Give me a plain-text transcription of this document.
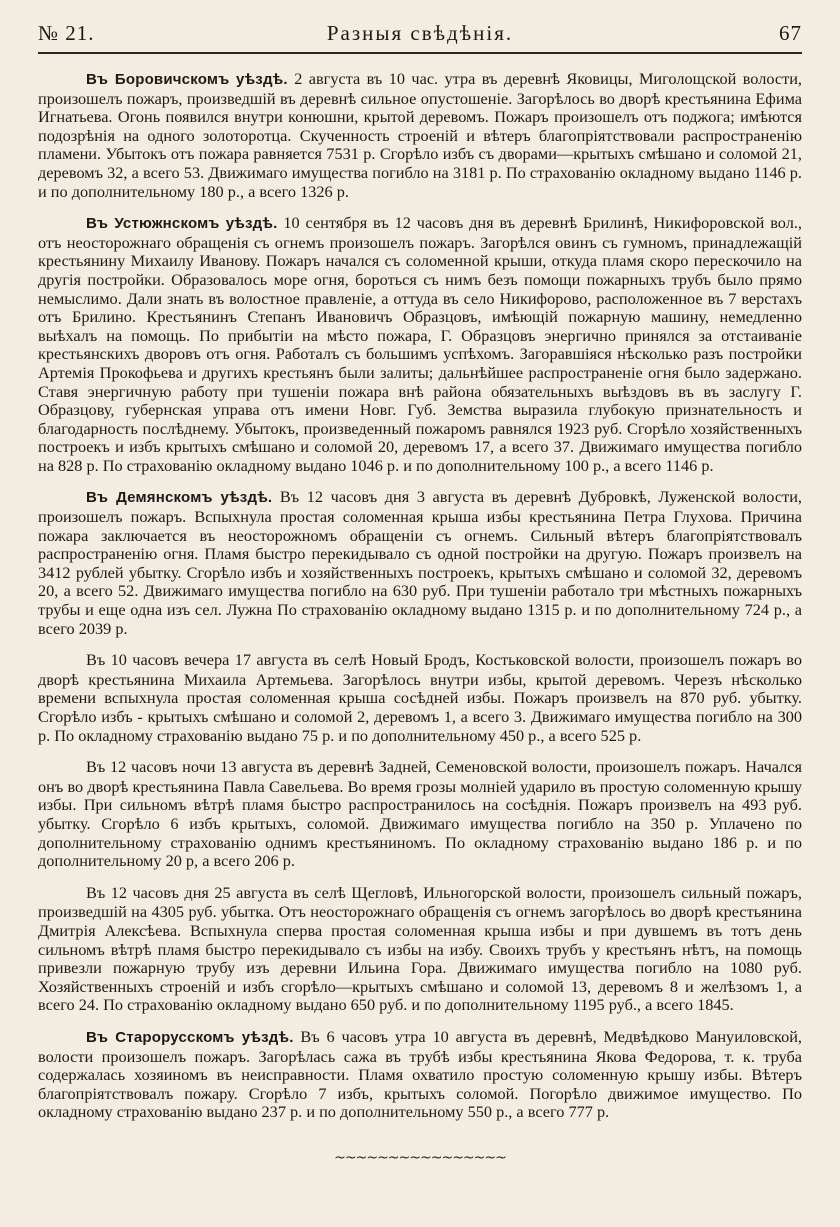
Разныя свѣдѣнія.
№ 21.	67

Въ Боровичскомъ уѣздѣ. 2 августа въ 10 час. утра въ деревнѣ Яковицы, Миголощской волости, произошелъ пожаръ, произведшій въ деревнѣ сильное опустошеніе. Загорѣлось во дворѣ крестьянина Ефима Игнатьева. Огонь появился внутри конюшни, крытой деревомъ. Пожаръ произошелъ отъ поджога; имѣются подозрѣнія на одного золоторотца. Скученность строеній и вѣтеръ благопріятствовали распространенію пламени. Убытокъ отъ пожара равняется 7531 р. Сгорѣло избъ съ дворами—крытыхъ смѣшано и соломой 21, деревомъ 32, а всего 53. Движимаго имущества погибло на 3181 р. По страхованію окладному выдано 1146 р. и по дополнительному 180 р., а всего 1326 р.

Въ Устюжнскомъ уѣздѣ. 10 сентября въ 12 часовъ дня въ деревнѣ Брилинѣ, Никифоровской вол., отъ неосторожнаго обращенія съ огнемъ произошелъ пожаръ. Загорѣлся овинъ съ гумномъ, принадлежащій крестьянину Михаилу Иванову. Пожаръ начался съ соломенной крыши, откуда пламя скоро перескочило на другія постройки. Образовалось море огня, бороться съ нимъ безъ помощи пожарныхъ трубъ было прямо немыслимо. Дали знать въ волостное правленіе, а оттуда въ село Никифорово, расположенное въ 7 верстахъ отъ Брилино. Крестьянинъ Степанъ Ивановичъ Образцовъ, имѣющій пожарную машину, немедленно выѣхалъ на помощь. По прибытіи на мѣсто пожара, Г. Образцовъ энергично принялся за отстаиваніе крестьянскихъ дворовъ отъ огня. Работалъ съ большимъ успѣхомъ. Загоравшіяся нѣсколько разъ постройки Артемія Прокофьева и другихъ крестьянъ были залиты; дальнѣйшее распространеніе огня было задержано. Ставя энергичную работу при тушеніи пожара внѣ района обязательныхъ выѣздовъ въ въ заслугу Г. Образцову, губернская управа отъ имени Новг. Губ. Земства выразила глубокую признательность и благодарность послѣднему. Убытокъ, произведенный пожаромъ равнялся 1923 руб. Сгорѣло хозяйственныхъ построекъ и избъ крытыхъ смѣшано и соломой 20, деревомъ 17, а всего 37. Движимаго имущества погибло на 828 р. По страхованію окладному выдано 1046 р. и по дополнительному 100 р., а всего 1146 р.

Въ Демянскомъ уѣздѣ. Въ 12 часовъ дня 3 августа въ деревнѣ Дубровкѣ, Луженской волости, произошелъ пожаръ. Вспыхнула простая соломенная крыша избы крестьянина Петра Глухова. Причина пожара заключается въ неосторожномъ обращеніи съ огнемъ. Сильный вѣтеръ благопріятствовалъ распространенію огня. Пламя быстро перекидывало съ одной постройки на другую. Пожаръ произвелъ на 3412 рублей убытку. Сгорѣло избъ и хозяйственныхъ построекъ, крытыхъ смѣшано и соломой 32, деревомъ 20, а всего 52. Движимаго имущества погибло на 630 руб. При тушеніи работало три мѣстныхъ пожарныхъ трубы и еще одна изъ сел. Лужна По страхованію окладному выдано 1315 р. и по дополнительному 724 р., а всего 2039 р.

Въ 10 часовъ вечера 17 августа въ селѣ Новый Бродъ, Костьковской волости, произошелъ пожаръ во дворѣ крестьянина Михаила Артемьева. Загорѣлось внутри избы, крытой деревомъ. Черезъ нѣсколько времени вспыхнула простая соломенная крыша сосѣдней избы. Пожаръ произвелъ на 870 руб. убытку. Сгорѣло избъ - крытыхъ смѣшано и соломой 2, деревомъ 1, а всего 3. Движимаго имущества погибло на 300 р. По окладному страхованію выдано 75 р. и по дополнительному 450 р., а всего 525 р.

Въ 12 часовъ ночи 13 августа въ деревнѣ Задней, Семеновской волости, произошелъ пожаръ. Начался онъ во дворѣ крестьянина Павла Савельева. Во время грозы молніей ударило въ простую соломенную крышу избы. При сильномъ вѣтрѣ пламя быстро распространилось на сосѣднія. Пожаръ произвелъ на 493 руб. убытку. Сгорѣло 6 избъ крытыхъ, соломой. Движимаго имущества погибло на 350 р. Уплачено по дополнительному страхованію однимъ крестьяниномъ. По окладному страхованію выдано 186 р. и по дополнительному 20 р, а всего 206 р.

Въ 12 часовъ дня 25 августа въ селѣ Щегловѣ, Ильногорской волости, произошелъ сильный пожаръ, произведшій на 4305 руб. убытка. Отъ неосторожнаго обращенія съ огнемъ загорѣлось во дворѣ крестьянина Дмитрія Алексѣева. Вспыхнула сперва простая соломенная крыша избы и при дувшемъ въ тотъ день сильномъ вѣтрѣ пламя быстро перекидывало съ избы на избу. Своихъ трубъ у крестьянъ нѣтъ, на помощь привезли пожарную трубу изъ деревни Ильина Гора. Движимаго имущества погибло на 1080 руб. Хозяйственныхъ строеній и избъ сгорѣло—крытыхъ смѣшано и соломой 13, деревомъ 8 и желѣзомъ 1, а всего 24. По страхованію окладному выдано 650 руб. и по дополнительному 1195 руб., а всего 1845.

Въ Старорусскомъ уѣздѣ. Въ 6 часовъ утра 10 августа въ деревнѣ, Медвѣдково Мануиловской, волости произошелъ пожаръ. Загорѣлась сажа въ трубѣ избы крестьянина Якова Федорова, т. к. труба содержалась хозяиномъ въ неисправности. Пламя охватило простую соломенную крышу избы. Вѣтеръ благопріятствовалъ пожару. Сгорѣло 7 избъ, крытыхъ соломой. Погорѣло движимое имущество. По окладному страхованію выдано 237 р. и по дополнительному 550 р., а всего 777 р.

~~~~~~~~~~~~~~~~
